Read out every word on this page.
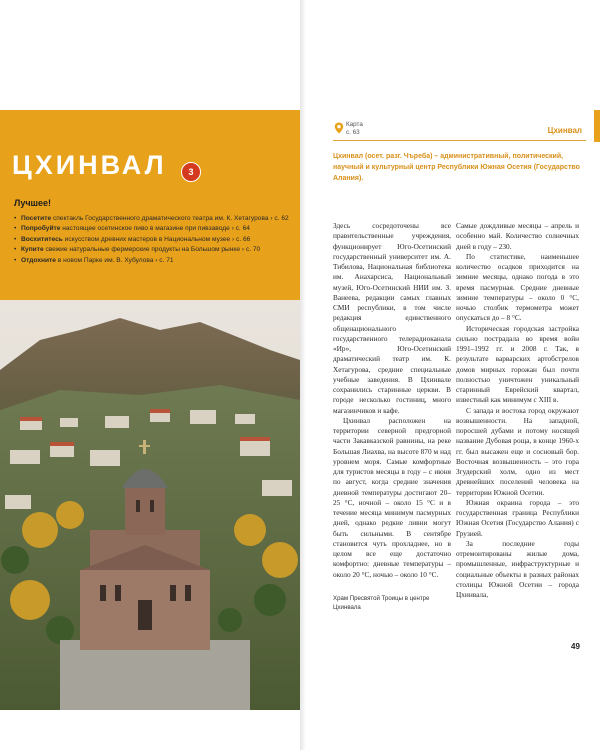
ЦХИНВАЛ	3
Лучшее!
• Посетите спектакль Государственного драматического театра им. К. Хетагурова › с. 62
• Попробуйте настоящее осетинское пиво в магазине при пивзаводе › с. 64
• Восхититесь искусством древних мастеров в Национальном музее › с. 66
• Купите свежие натуральные фермерские продукты на Большом рынке › с. 70
• Отдохните в новом Парке им. В. Хубулова › с. 71
Карта
с. 63	Цхинвал
Цхинвал (осет. разг. Чъреба) – административный, политический, научный и культурный центр Республики Южная Осетия (Государство Алания).

Здесь сосредоточены все правительственные учреждения, функционирует Юго-Осетинский государственный университет им. А. Тибилова, Национальная библиотека им. Анахарсиса, Национальный музей, Юго-Осетинский НИИ им. З. Ванеева, редакции самых главных СМИ республики, в том числе редакция единственного общенационального государственного телерадиоканала «Ир», Юго-Осетинский драматический театр им. К. Хетагурова, средние специальные учебные заведения. В Цхинвале сохранились старинные церкви. В городе несколько гостиниц, много магазинчиков и кафе.

Цхинвал расположен на территории северной предгорной части Закавказской равнины, на реке Большая Лиахва, на высоте 870 м над уровнем моря. Самые комфортные для туристов месяцы в году – с июня по август, когда средние значения дневной температуры достигают 20–25 °С, ночной – около 15 °С и в течение месяца минимум пасмурных дней, однако редкие ливни могут быть сильными. В сентябре становится чуть прохладнее, но в целом все еще достаточно комфортно: дневные температуры – около 20 °С, ночью – около 10 °С.

Самые дождливые месяцы – апрель и особенно май. Количество солнечных дней в году – 230.

По статистике, наименьшее количество осадков приходится на зимние месяцы, однако погода в это время пасмурная. Средние дневные зимние температуры – около 0 °С, ночью столбик термометра может опускаться до – 8 °С.

Историческая городская застройка сильно пострадала во время войн 1991–1992 гг. и 2008 г. Так, в результате варварских артобстрелов домов мирных горожан был почти полностью уничтожен уникальный старинный Еврейский квартал, известный как минимум с XIII в.

С запада и востока город окружают возвышенности. На западной, поросшей дубами и потому носящей название Дубовая роща, в конце 1960-х гг. был высажен еще и сосновый бор. Восточная возвышенность – это гора Згудерский холм, одно из мест древнейших поселений человека на территории Южной Осетии.

Южная окраина города – это государственная граница Республики Южная Осетия (Государство Алания) с Грузией.

За последние годы отремонтированы жилые дома, промышленные, инфраструктурные и социальные объекты в разных районах столицы Южной Осетии – города Цхинвала,

Храм Пресвятой Троицы в центре Цхинвала
49
